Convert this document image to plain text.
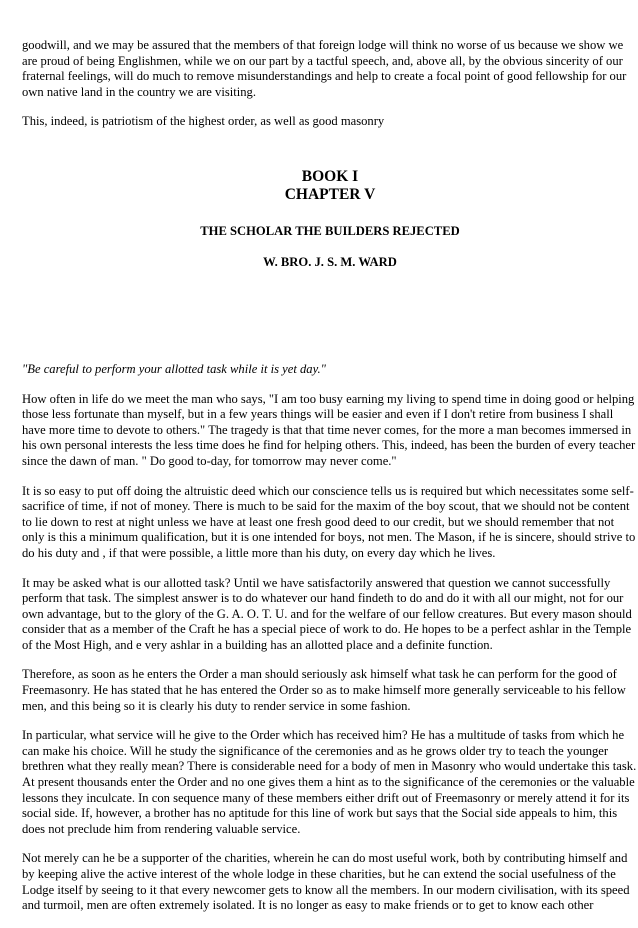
goodwill, and we may be assured that the members of that foreign lodge will think no worse of us because we show we are proud of being Englishmen, while we on our part by a tactful speech, and, above all, by the obvious sincerity of our fraternal feelings, will do much to remove misunderstandings and help to create a focal point of good fellowship for our own native land in the country we are visiting.

This, indeed, is patriotism of the highest order, as well as good masonry

BOOK I
CHAPTER V
THE SCHOLAR THE BUILDERS REJECTED
W. BRO. J. S. M. WARD

"Be careful to perform your allotted task while it is yet day."

How often in life do we meet the man who says, "I am too busy earning my living to spend time in doing good or helping those less fortunate than myself, but in a few years things will be easier and even if I don't retire from business I shall have more time to devote to others." The tragedy is that that time never comes, for the more a man becomes immersed in his own personal interests the less time does he find for helping others. This, indeed, has been the burden of every teacher since the dawn of man. " Do good to-day, for tomorrow may never come."

It is so easy to put off doing the altruistic deed which our conscience tells us is required but which necessitates some self-sacrifice of time, if not of money. There is much to be said for the maxim of the boy scout, that we should not be content to lie down to rest at night unless we have at least one fresh good deed to our credit, but we should remember that not only is this a minimum qualification, but it is one intended for boys, not men. The Mason, if he is sincere, should strive to do his duty and , if that were possible, a little more than his duty, on every day which he lives.

It may be asked what is our allotted task? Until we have satisfactorily answered that question we cannot successfully perform that task. The simplest answer is to do whatever our hand findeth to do and do it with all our might, not for our own advantage, but to the glory of the G. A. O. T. U. and for the welfare of our fellow creatures. But every mason should consider that as a member of the Craft he has a special piece of work to do. He hopes to be a perfect ashlar in the Temple of the Most High, and e very ashlar in a building has an allotted place and a definite function.

Therefore, as soon as he enters the Order a man should seriously ask himself what task he can perform for the good of Freemasonry. He has stated that he has entered the Order so as to make himself more generally serviceable to his fellow men, and this being so it is clearly his duty to render service in some fashion.

In particular, what service will he give to the Order which has received him? He has a multitude of tasks from which he can make his choice. Will he study the significance of the ceremonies and as he grows older try to teach the younger brethren what they really mean? There is considerable need for a body of men in Masonry who would undertake this task. At present thousands enter the Order and no one gives them a hint as to the significance of the ceremonies or the valuable lessons they inculcate. In con sequence many of these members either drift out of Freemasonry or merely attend it for its social side. If, however, a brother has no aptitude for this line of work but says that the Social side appeals to him, this does not preclude him from rendering valuable service.

Not merely can he be a supporter of the charities, wherein he can do most useful work, both by contributing himself and by keeping alive the active interest of the whole lodge in these charities, but he can extend the social usefulness of the Lodge itself by seeing to it that every newcomer gets to know all the members. In our modern civilisation, with its speed and turmoil, men are often extremely isolated. It is no longer as easy to make friends or to get to know each other
